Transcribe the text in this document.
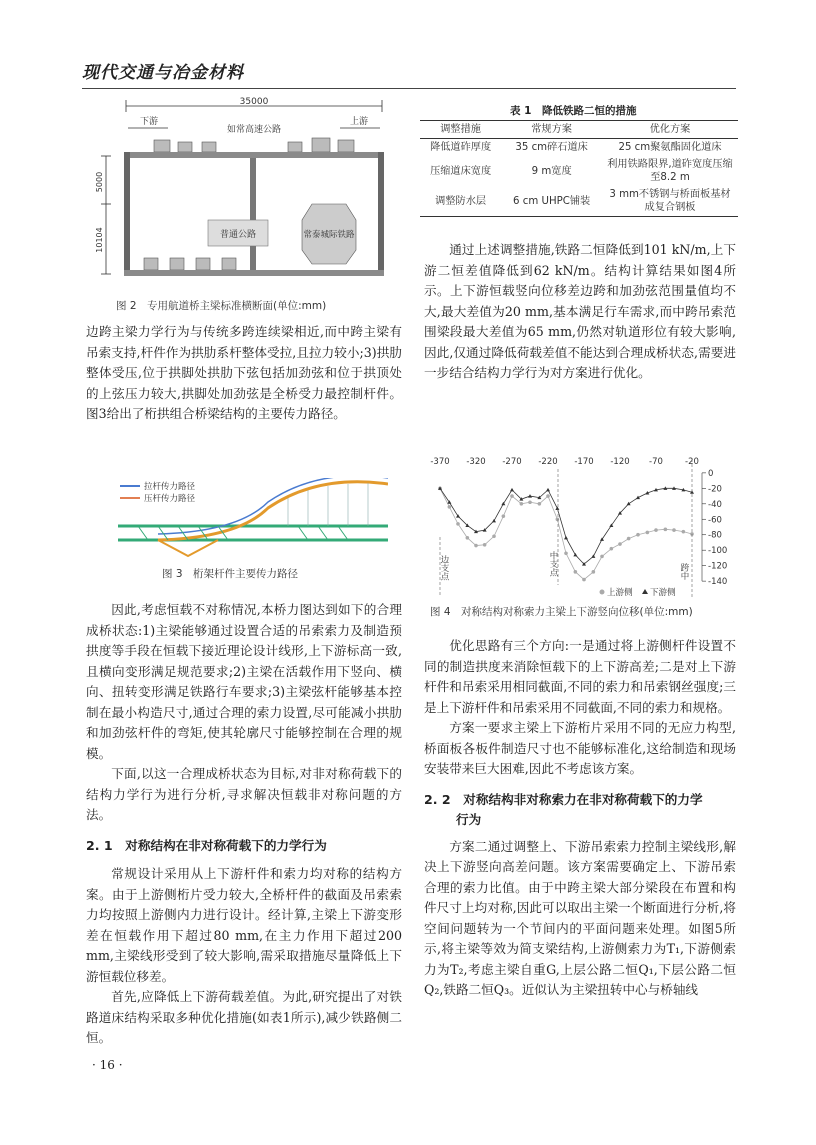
现代交通与冶金材料
35000
5000
10104
下游	上游
如常高速公路
普通公路	常泰城际铁路
图 2　专用航道桥主梁标准横断面(单位:mm)

边跨主梁力学行为与传统多跨连续梁相近,而中跨主梁有吊索支持,杆件作为拱肋系杆整体受拉,且拉力较小;3)拱肋整体受压,位于拱脚处拱肋下弦包括加劲弦和位于拱顶处的上弦压力较大,拱脚处加劲弦是全桥受力最控制杆件。图3给出了桁拱组合桥梁结构的主要传力路径。

拉杆传力路径
压杆传力路径
图 3　桁架杆件主要传力路径

因此,考虑恒载不对称情况,本桥力图达到如下的合理成桥状态:1)主梁能够通过设置合适的吊索索力及制造预拱度等手段在恒载下接近理论设计线形,上下游标高一致,且横向变形满足规范要求;2)主梁在活载作用下竖向、横向、扭转变形满足铁路行车要求;3)主梁弦杆能够基本控制在最小构造尺寸,通过合理的索力设置,尽可能减小拱肋和加劲弦杆件的弯矩,使其轮廓尺寸能够控制在合理的规模。

下面,以这一合理成桥状态为目标,对非对称荷载下的结构力学行为进行分析,寻求解决恒载非对称问题的方法。

2. 1　对称结构在非对称荷载下的力学行为

常规设计采用从上下游杆件和索力均对称的结构方案。由于上游侧桁片受力较大,全桥杆件的截面及吊索索力均按照上游侧内力进行设计。经计算,主梁上下游变形差在恒载作用下超过80 mm,在主力作用下超过200 mm,主梁线形受到了较大影响,需采取措施尽量降低上下游恒载位移差。

首先,应降低上下游荷载差值。为此,研究提出了对铁路道床结构采取多种优化措施(如表1所示),减少铁路侧二恒。

表 1　降低铁路二恒的措施
调整措施	常规方案	优化方案
降低道砟厚度	35 cm碎石道床	25 cm聚氨酯固化道床
压缩道床宽度	9 m宽度	利用铁路限界,道砟宽度压缩至8.2 m
调整防水层	6 cm UHPC铺装	3 mm不锈钢与桥面板基材成复合钢板

通过上述调整措施,铁路二恒降低到101 kN/m,上下游二恒差值降低到62 kN/m。结构计算结果如图4所示。上下游恒载竖向位移差边跨和加劲弦范围量值均不大,最大差值为20 mm,基本满足行车需求,而中跨吊索范围梁段最大差值为65 mm,仍然对轨道形位有较大影响,因此,仅通过降低荷载差值不能达到合理成桥状态,需要进一步结合结构力学行为对方案进行优化。

-370 -320 -270 -220 -170 -120 -70	-20
0
-20
-40
-60
-80
-100
-120
-140
边支点	中支点	跨中
上游侧 下游侧
图 4　对称结构对称索力主梁上下游竖向位移(单位:mm)

优化思路有三个方向:一是通过将上游侧杆件设置不同的制造拱度来消除恒载下的上下游高差;二是对上下游杆件和吊索采用相同截面,不同的索力和吊索钢丝强度;三是上下游杆件和吊索采用不同截面,不同的索力和规格。

方案一要求主梁上下游桁片采用不同的无应力构型,桥面板各板件制造尺寸也不能够标准化,这给制造和现场安装带来巨大困难,因此不考虑该方案。

2. 2　对称结构非对称索力在非对称荷载下的力学

行为

方案二通过调整上、下游吊索索力控制主梁线形,解决上下游竖向高差问题。该方案需要确定上、下游吊索合理的索力比值。由于中跨主梁大部分梁段在布置和构件尺寸上均对称,因此可以取出主梁一个断面进行分析,将空间问题转为一个节间内的平面问题来处理。如图5所示,将主梁等效为简支梁结构,上游侧索力为T₁,下游侧索力为T₂,考虑主梁自重G,上层公路二恒Q₁,下层公路二恒Q₂,铁路二恒Q₃。近似认为主梁扭转中心与桥轴线

· 16 ·
